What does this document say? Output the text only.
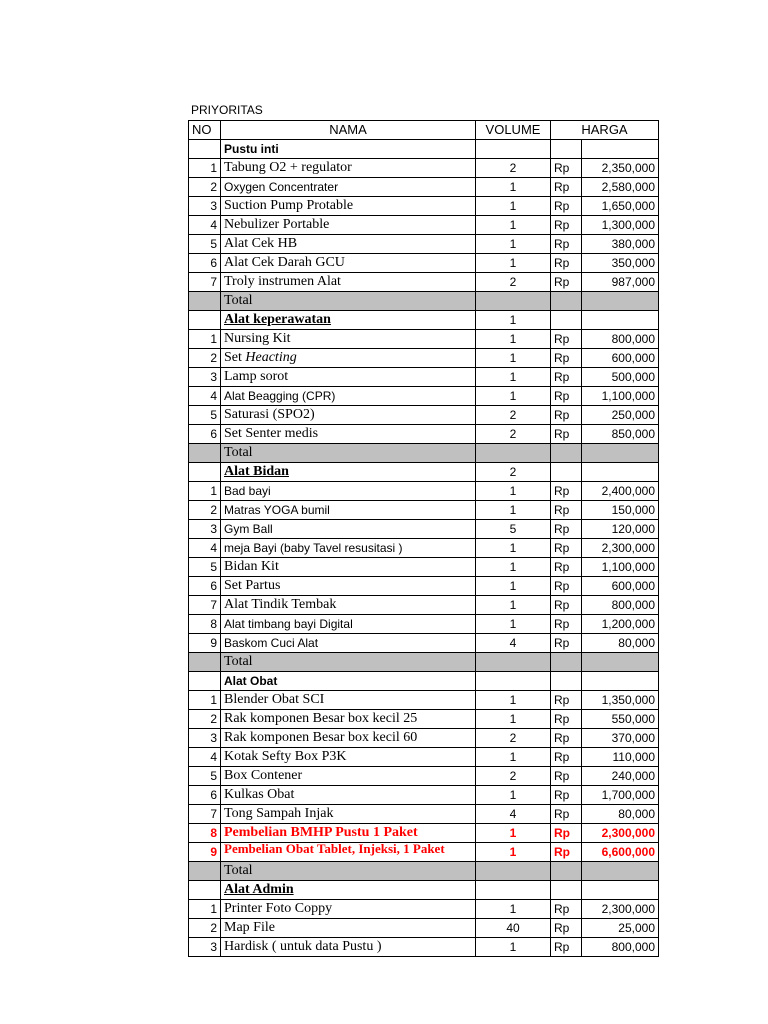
PRIYORITAS
NO	NAMA	VOLUME	HARGA	
	Pustu inti			
1	Tabung O2 + regulator	2	Rp	2,350,000
2	Oxygen Concentrater	1	Rp	2,580,000
3	Suction Pump Protable	1	Rp	1,650,000
4	Nebulizer Portable	1	Rp	1,300,000
5	Alat Cek HB	1	Rp	380,000
6	Alat Cek Darah GCU	1	Rp	350,000
7	Troly instrumen Alat	2	Rp	987,000
	Total			
	Alat keperawatan	1		
1	Nursing Kit	1	Rp	800,000
2	Set Heacting	1	Rp	600,000
3	Lamp sorot	1	Rp	500,000
4	Alat Beagging (CPR)	1	Rp	1,100,000
5	Saturasi (SPO2)	2	Rp	250,000
6	Set Senter medis	2	Rp	850,000
	Total			
	Alat Bidan	2		
1	Bad bayi	1	Rp	2,400,000
2	Matras YOGA bumil	1	Rp	150,000
3	Gym Ball	5	Rp	120,000
4	meja Bayi (baby Tavel resusitasi )	1	Rp	2,300,000
5	Bidan Kit	1	Rp	1,100,000
6	Set Partus	1	Rp	600,000
7	Alat Tindik Tembak	1	Rp	800,000
8	Alat timbang bayi Digital	1	Rp	1,200,000
9	Baskom Cuci Alat	4	Rp	80,000
	Total			
	Alat Obat			
1	Blender Obat SCI	1	Rp	1,350,000
2	Rak komponen Besar box kecil 25	1	Rp	550,000
3	Rak komponen Besar box kecil 60	2	Rp	370,000
4	Kotak Sefty Box P3K	1	Rp	110,000
5	Box Contener	2	Rp	240,000
6	Kulkas Obat	1	Rp	1,700,000
7	Tong Sampah Injak	4	Rp	80,000
8	Pembelian BMHP Pustu 1 Paket	1	Rp	2,300,000
9	Pembelian Obat Tablet, Injeksi, 1 Paket	1	Rp	6,600,000
	Total			
	Alat Admin			
1	Printer Foto Coppy	1	Rp	2,300,000
2	Map File	40	Rp	25,000
3	Hardisk ( untuk data Pustu )	1	Rp	800,000
